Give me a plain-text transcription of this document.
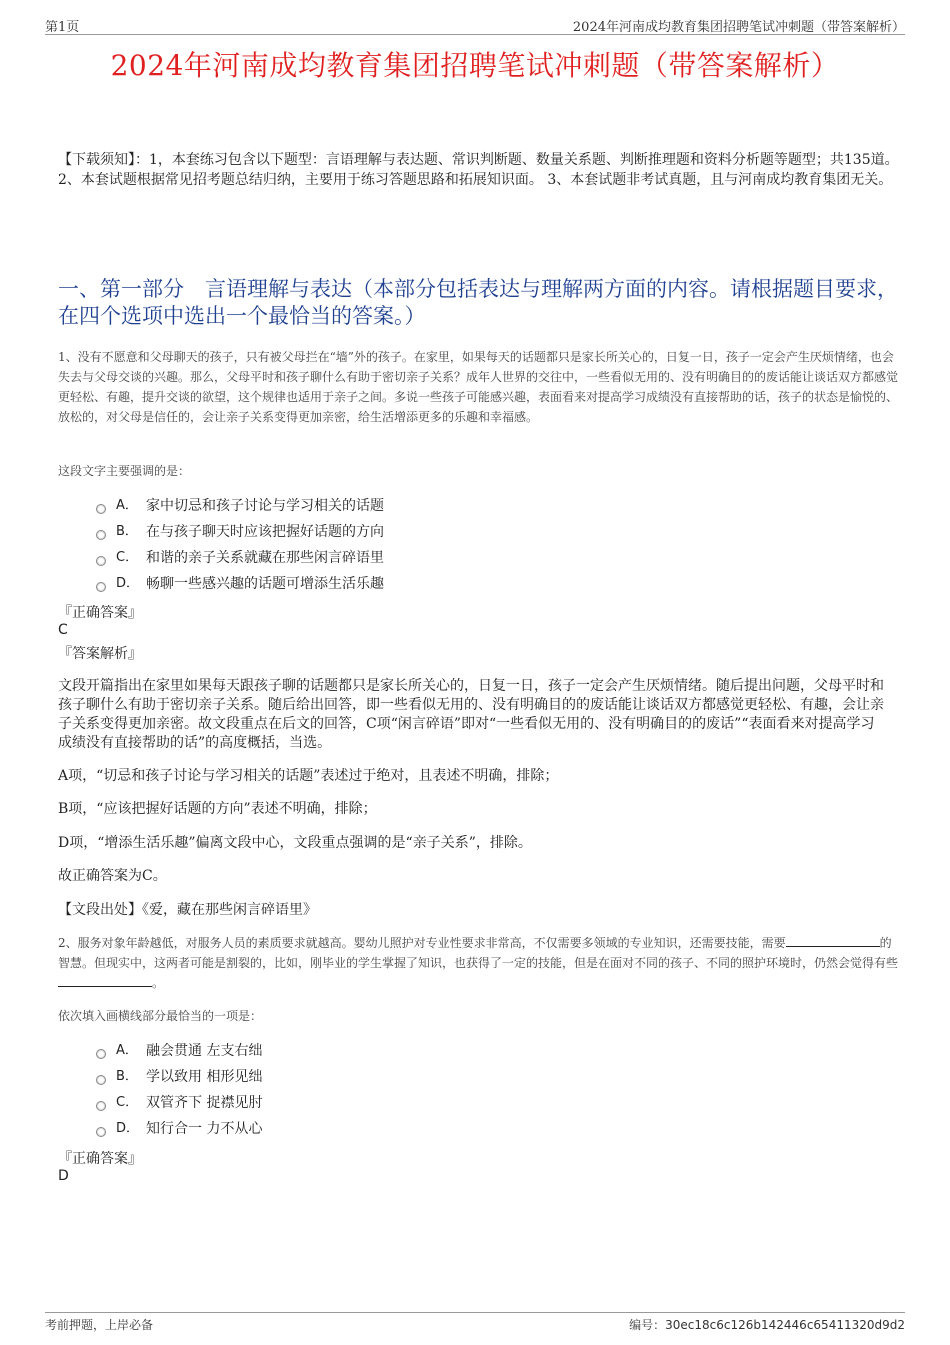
第1页	2024年河南成均教育集团招聘笔试冲刺题（带答案解析）
2024年河南成均教育集团招聘笔试冲刺题（带答案解析）
【下载须知】：1，本套练习包含以下题型：言语理解与表达题、常识判断题、数量关系题、判断推理题和资料分析题等题型；共135道。 2、本套试题根据常见招考题总结归纳，主要用于练习答题思路和拓展知识面。 3、本套试题非考试真题，且与河南成均教育集团无关。
一、第一部分　言语理解与表达（本部分包括表达与理解两方面的内容。请根据题目要求，在四个选项中选出一个最恰当的答案。）
1、没有不愿意和父母聊天的孩子，只有被父母拦在“墙”外的孩子。在家里，如果每天的话题都只是家长所关心的，日复一日，孩子一定会产生厌烦情绪，也会失去与父母交谈的兴趣。那么，父母平时和孩子聊什么有助于密切亲子关系？成年人世界的交往中，一些看似无用的、没有明确目的的废话能让谈话双方都感觉更轻松、有趣，提升交谈的欲望，这个规律也适用于亲子之间。多说一些孩子可能感兴趣，表面看来对提高学习成绩没有直接帮助的话，孩子的状态是愉悦的、放松的，对父母是信任的，会让亲子关系变得更加亲密，给生活增添更多的乐趣和幸福感。
这段文字主要强调的是：
A． 家中切忌和孩子讨论与学习相关的话题
B． 在与孩子聊天时应该把握好话题的方向
C． 和谐的亲子关系就藏在那些闲言碎语里
D． 畅聊一些感兴趣的话题可增添生活乐趣
『正确答案』
C
『答案解析』
文段开篇指出在家里如果每天跟孩子聊的话题都只是家长所关心的，日复一日，孩子一定会产生厌烦情绪。随后提出问题，父母平时和孩子聊什么有助于密切亲子关系。随后给出回答，即一些看似无用的、没有明确目的的废话能让谈话双方都感觉更轻松、有趣，会让亲子关系变得更加亲密。故文段重点在后文的回答，C项“闲言碎语”即对“一些看似无用的、没有明确目的的废话”“表面看来对提高学习成绩没有直接帮助的话”的高度概括，当选。
A项，“切忌和孩子讨论与学习相关的话题”表述过于绝对，且表述不明确，排除；
B项，“应该把握好话题的方向”表述不明确，排除；
D项，“增添生活乐趣”偏离文段中心，文段重点强调的是“亲子关系”，排除。
故正确答案为C。
【文段出处】《爱，藏在那些闲言碎语里》
2、服务对象年龄越低，对服务人员的素质要求就越高。婴幼儿照护对专业性要求非常高，不仅需要多领域的专业知识，还需要技能，需要	的智慧。但现实中，这两者可能是割裂的，比如，刚毕业的学生掌握了知识，也获得了一定的技能，但是在面对不同的孩子、不同的照护环境时，仍然会觉得有些。
依次填入画横线部分最恰当的一项是：
A． 融会贯通 左支右绌
B． 学以致用 相形见绌
C． 双管齐下 捉襟见肘
D． 知行合一 力不从心
『正确答案』
D
考前押题，上岸必备	编号：30ec18c6c126b142446c65411320d9d2
